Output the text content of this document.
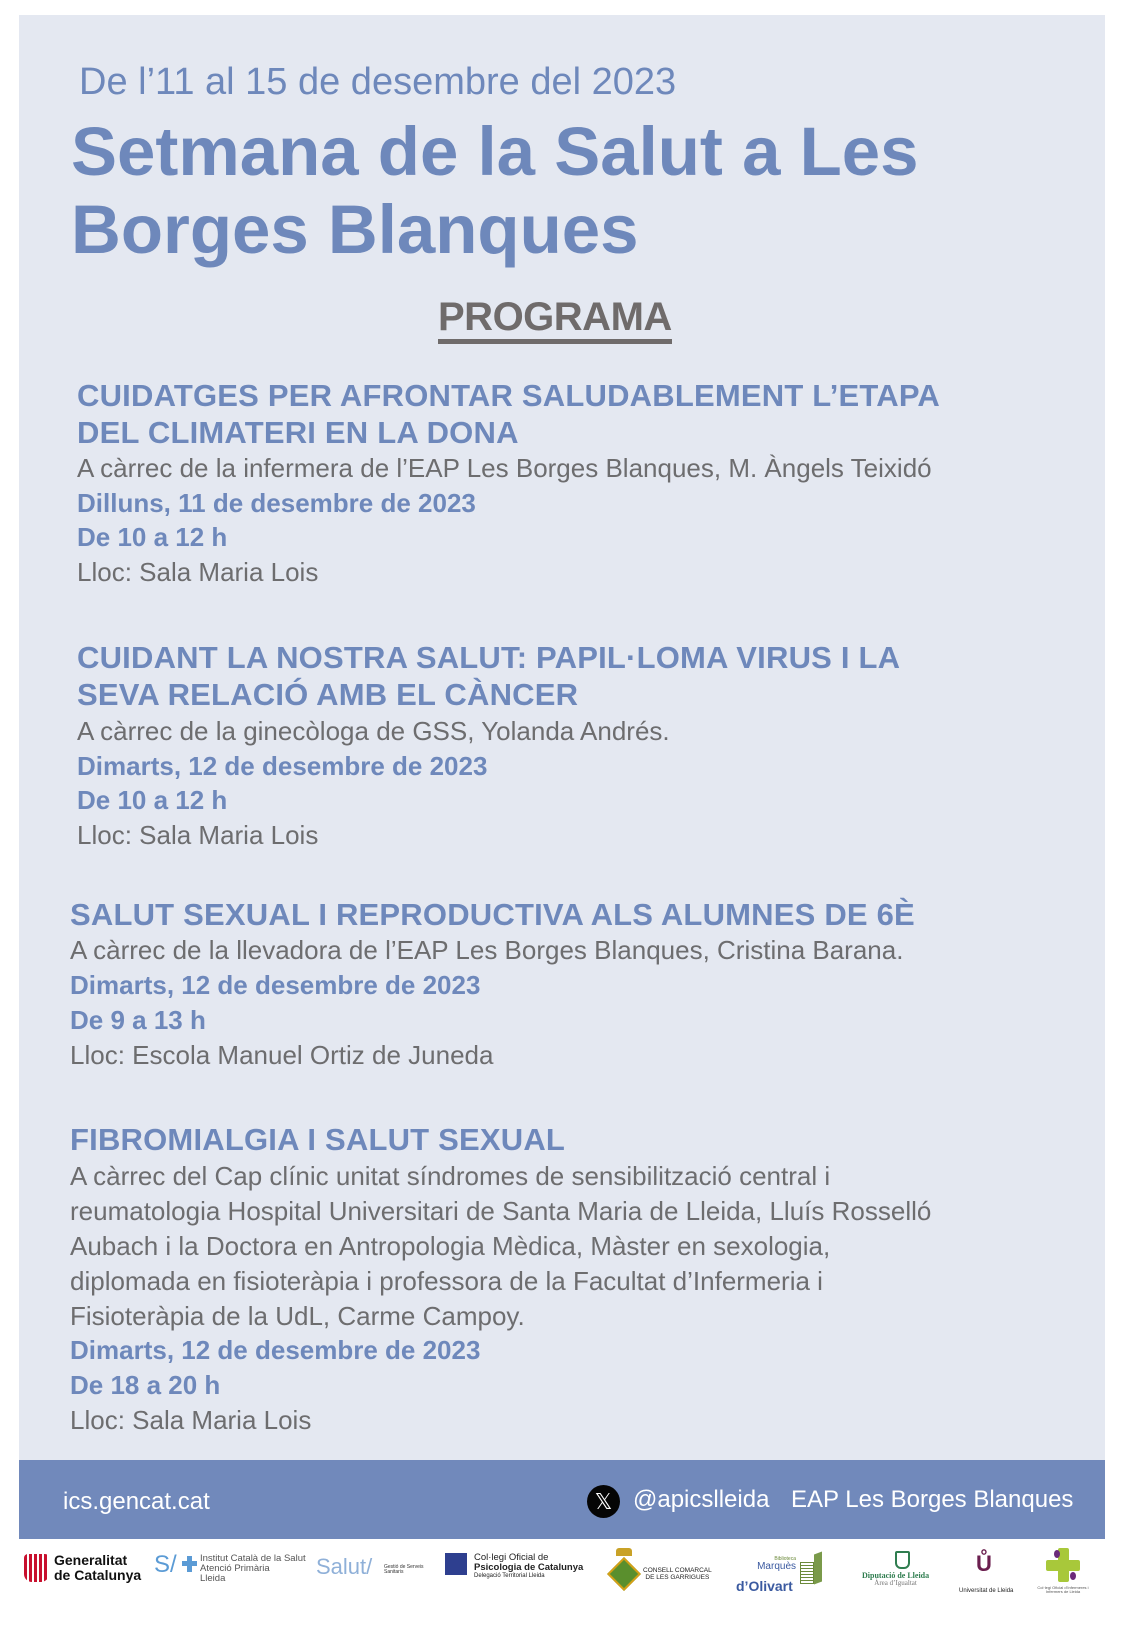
De l’11 al 15 de desembre del 2023
Setmana de la Salut a Les
Borges Blanques
PROGRAMA
CUIDATGES PER AFRONTAR SALUDABLEMENT L’ETAPA
DEL CLIMATERI EN LA DONA
A càrrec de la infermera de l’EAP Les Borges Blanques, M. Àngels Teixidó
Dilluns, 11 de desembre de 2023
De 10 a 12 h
Lloc: Sala Maria Lois
CUIDANT LA NOSTRA SALUT: PAPIL·LOMA VIRUS I LA
SEVA RELACIÓ AMB EL CÀNCER
A càrrec de la ginecòloga de GSS, Yolanda Andrés.
Dimarts, 12 de desembre de 2023
De 10 a 12 h
Lloc: Sala Maria Lois
SALUT SEXUAL I REPRODUCTIVA ALS ALUMNES DE 6È
A càrrec de la llevadora de l’EAP Les Borges Blanques, Cristina Barana.
Dimarts, 12 de desembre de 2023
De 9 a 13 h
Lloc: Escola Manuel Ortiz de Juneda
FIBROMIALGIA I SALUT SEXUAL
A càrrec del Cap clínic unitat síndromes de sensibilització central i
reumatologia Hospital Universitari de Santa Maria de Lleida, Lluís Rosselló
Aubach i la Doctora en Antropologia Mèdica, Màster en sexologia,
diplomada en fisioteràpia i professora de la Facultat d’Infermeria i
Fisioteràpia de la UdL, Carme Campoy.
Dimarts, 12 de desembre de 2023
De 18 a 20 h
Lloc: Sala Maria Lois
ics.gencat.cat	𝕏 @apicslleida EAP Les Borges Blanques
Generalitat
de Catalunya S/ Institut Català de la Salut
Atenció Primària
Lleida	Salut/ Gestió de Serveis Sanitaris
Col·legi Oficial de
Psicologia de Catalunya
Delegació Territorial Lleida
CONSELL COMARCAL
DE LES GARRIGUES
Biblioteca
Marquès
d’Olivart
Diputació de Lleida
Àrea d’Igualtat
Ů
Universitat de Lleida
Col·legi Oficial d’Infermeres i Infermers de Lleida
